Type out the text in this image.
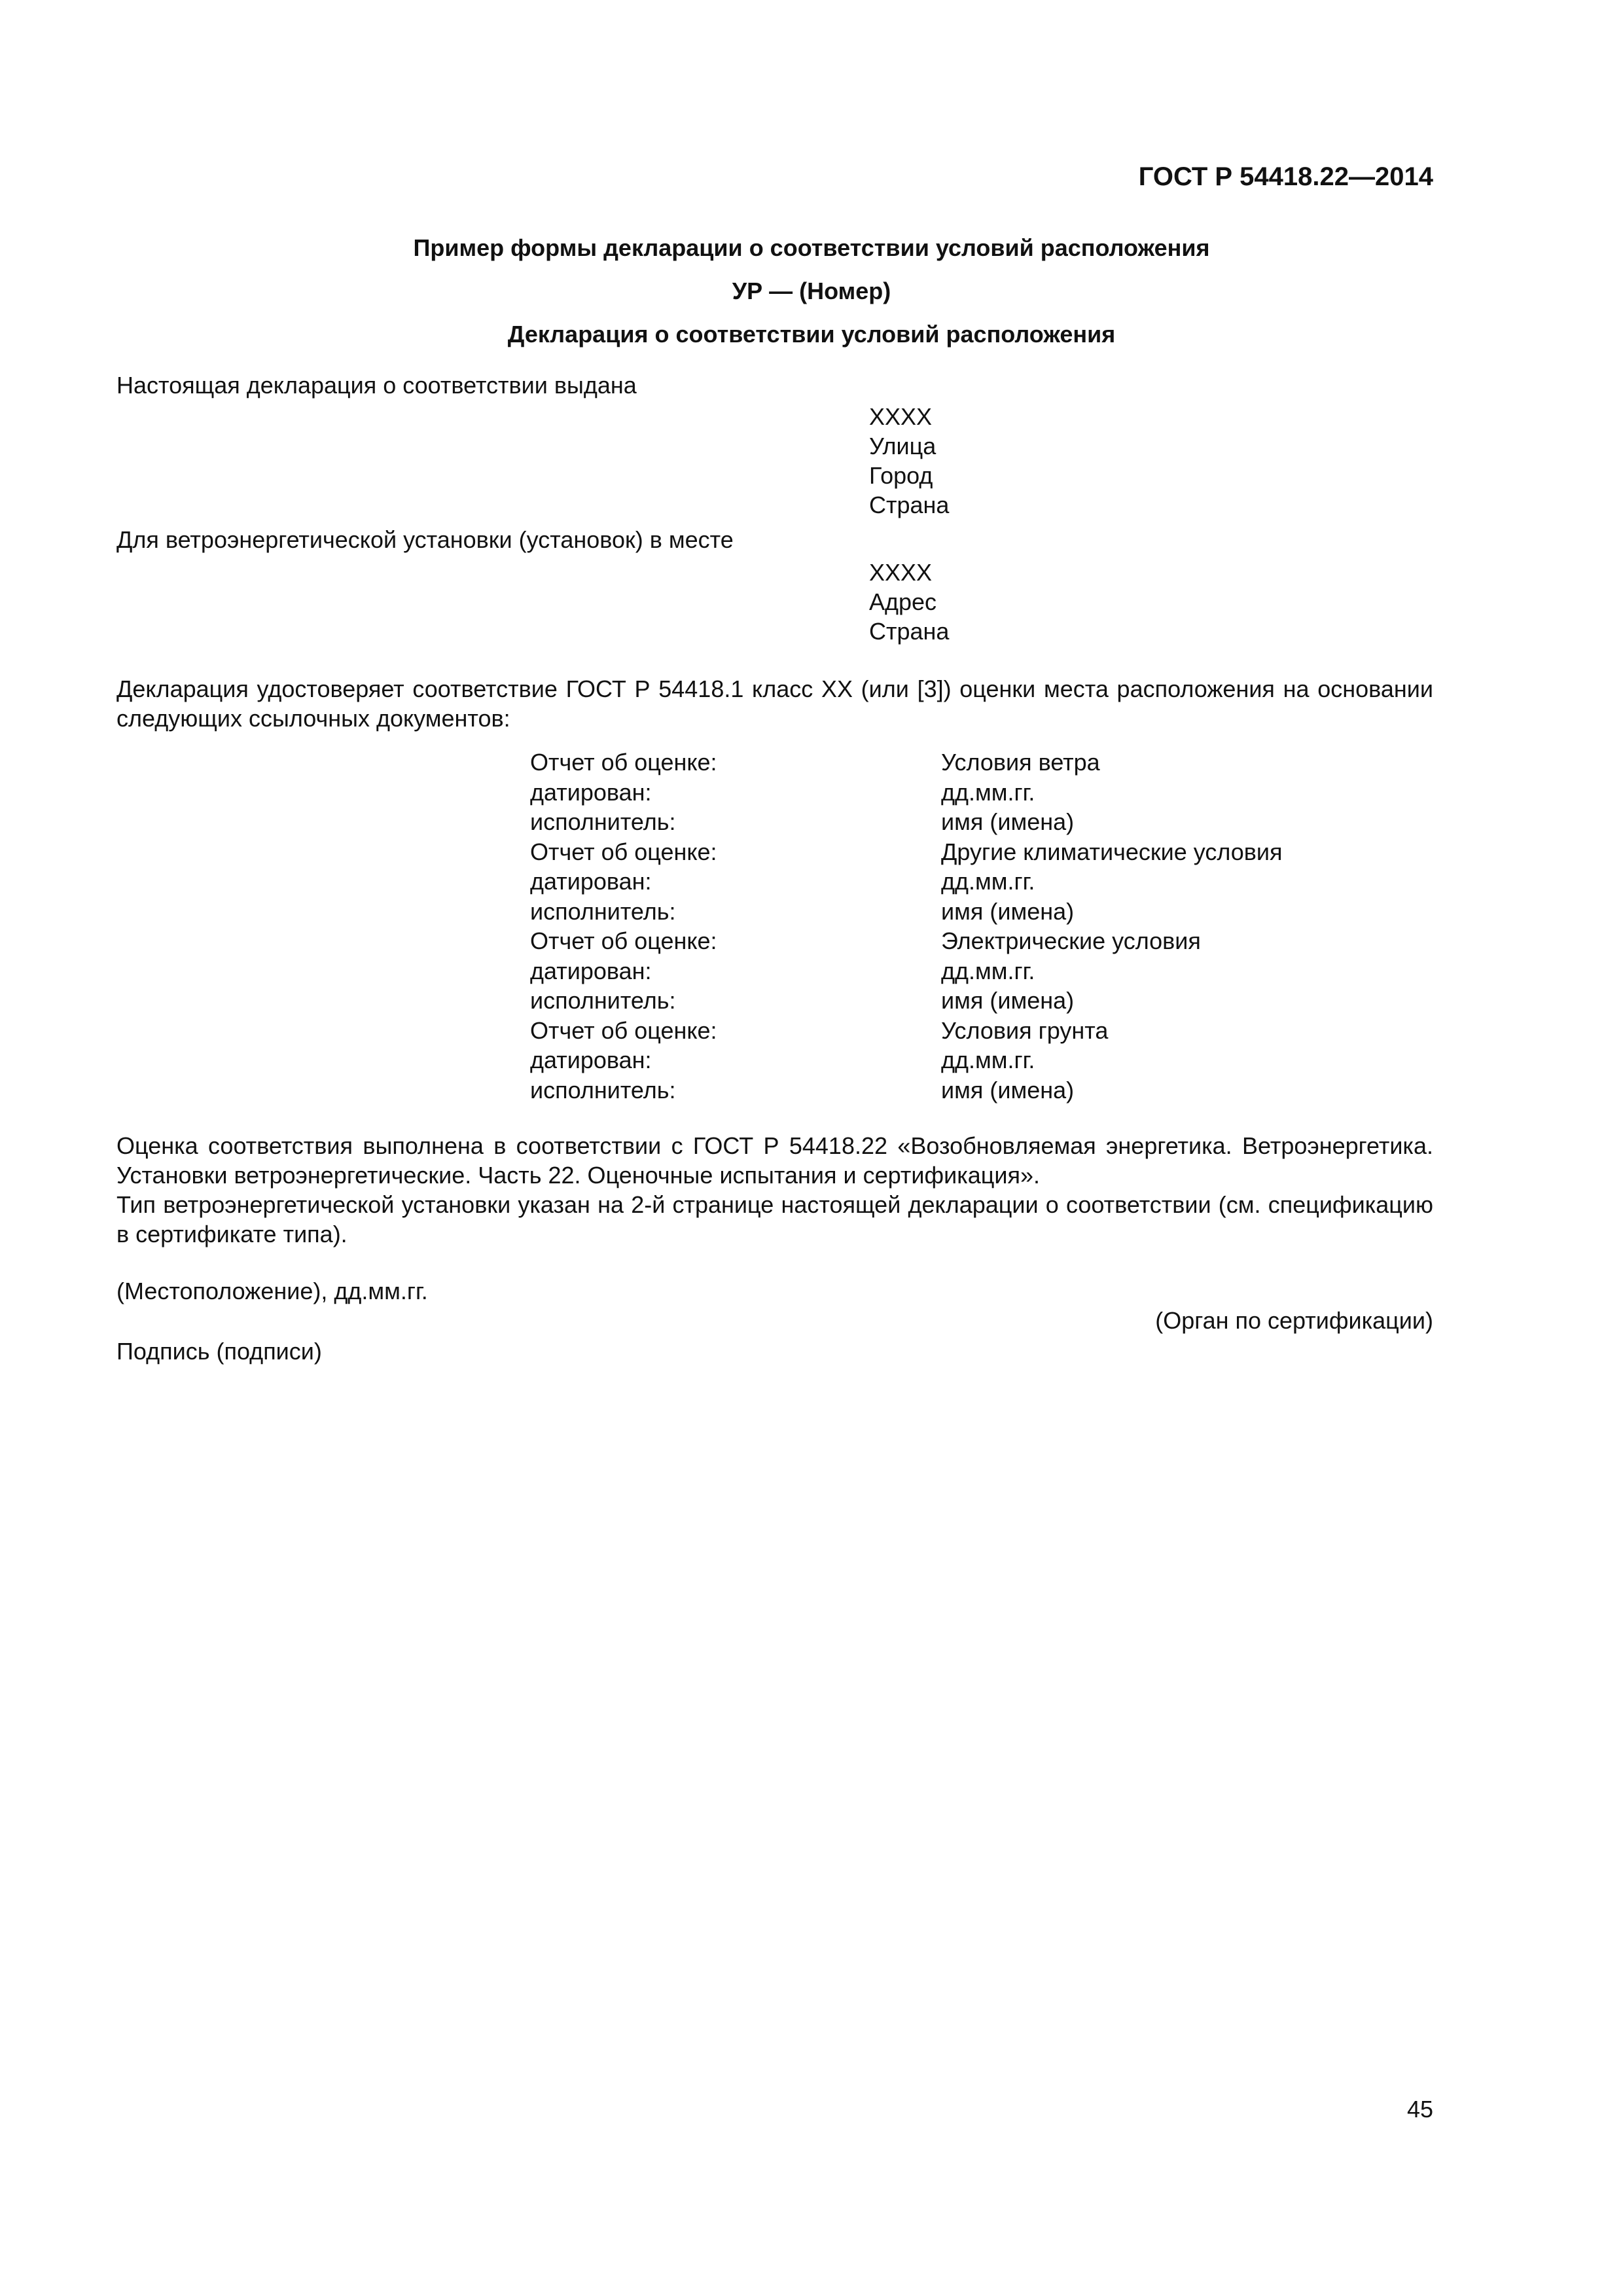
ГОСТ Р 54418.22—2014
Пример формы декларации о соответствии условий расположения
УР — (Номер)
Декларация о соответствии условий расположения
Настоящая декларация о соответствии выдана
XXXX
Улица
Город
Страна
Для ветроэнергетической установки (установок) в месте
XXXX
Адрес
Страна
Декларация удостоверяет соответствие ГОСТ Р 54418.1 класс XX (или [3]) оценки места расположения на основании следующих ссылочных документов:
Отчет об оценке:	Условия ветра
датирован:	дд.мм.гг.
исполнитель:	имя (имена)
Отчет об оценке:	Другие климатические условия
датирован:	дд.мм.гг.
исполнитель:	имя (имена)
Отчет об оценке:	Электрические условия
датирован:	дд.мм.гг.
исполнитель:	имя (имена)
Отчет об оценке:	Условия грунта
датирован:	дд.мм.гг.
исполнитель:	имя (имена)
Оценка соответствия выполнена в соответствии с ГОСТ Р 54418.22 «Возобновляемая энергетика. Ветроэнергетика. Установки ветроэнергетические. Часть 22. Оценочные испытания и сертификация».
Тип ветроэнергетической установки указан на 2-й странице настоящей декларации о соответствии (см. спецификацию в сертификате типа).
(Местоположение), дд.мм.гг.
(Орган по сертификации)
Подпись (подписи)
45
